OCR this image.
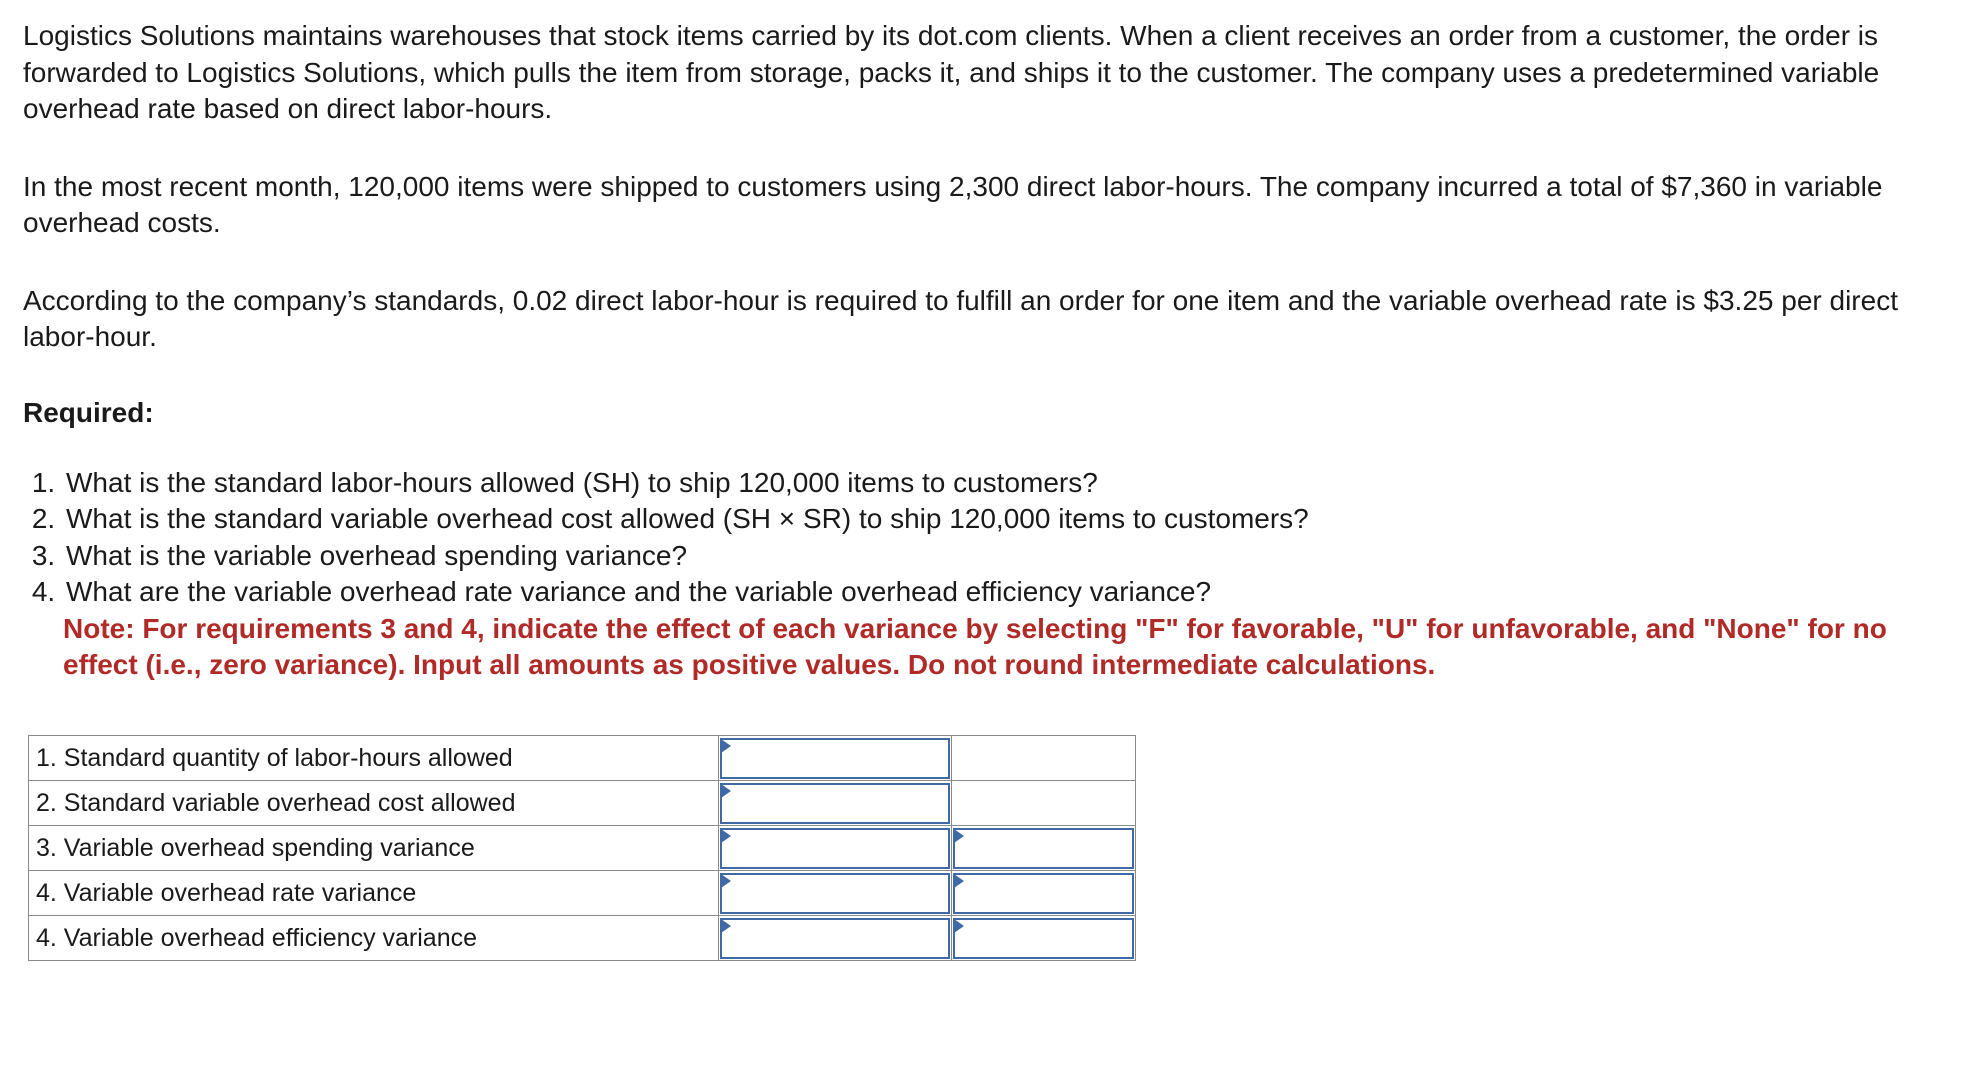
Logistics Solutions maintains warehouses that stock items carried by its dot.com clients. When a client receives an order from a customer, the order is forwarded to Logistics Solutions, which pulls the item from storage, packs it, and ships it to the customer. The company uses a predetermined variable overhead rate based on direct labor-hours.

In the most recent month, 120,000 items were shipped to customers using 2,300 direct labor-hours. The company incurred a total of $7,360 in variable overhead costs.

According to the company’s standards, 0.02 direct labor-hour is required to fulfill an order for one item and the variable overhead rate is $3.25 per direct labor-hour.

Required:
1. What is the standard labor-hours allowed (SH) to ship 120,000 items to customers?
2. What is the standard variable overhead cost allowed (SH × SR) to ship 120,000 items to customers?
3. What is the variable overhead spending variance?
4. What are the variable overhead rate variance and the variable overhead efficiency variance?
Note: For requirements 3 and 4, indicate the effect of each variance by selecting "F" for favorable, "U" for unfavorable, and "None" for no effect (i.e., zero variance). Input all amounts as positive values. Do not round intermediate calculations.
1. Standard quantity of labor-hours allowed	

2. Standard variable overhead cost allowed	

3. Variable overhead spending variance	

4. Variable overhead rate variance	

4. Variable overhead efficiency variance	
